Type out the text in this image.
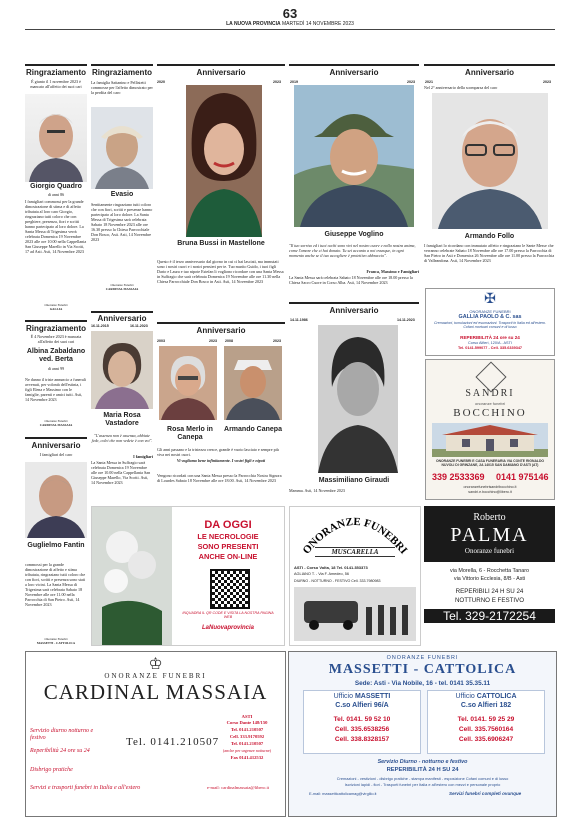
63
LA NUOVA PROVINCIA MARTEDÌ 14 NOVEMBRE 2023
Ringraziamento
È giunto il 1 novembre 2023 è mancato all'affetto dei suoi cari
Giorgio Quadro
di anni 86
I famigliari commossi per la grande dimostrazione di stima e di affetto tributata al loro caro Giorgio, ringraziano tutti coloro che con preghiere, presenza, fiori e scritti hanno partecipato al loro dolore. La Santa Messa di Trigesima verrà celebrata Domenica 19 Novembre 2023 alle ore 10.00 nella Cappellania San Giuseppe Marello in Via Scotti, 17 ad Asti. Asti, 14 Novembre 2023
Onoranze Funebri
GALLIA
Ringraziamento
È 4 Novembre 2023 è mancata all'affetto dei suoi cari
Albina Zabaldano ved. Berta
di anni 99
Ne danno il triste annuncio a funerali avvenuti, per volontà dell'estinta, i figli Elena e Massimo con le famiglie, parenti e amici tutti. Asti, 14 Novembre 2023
Onoranze Funebri
CARDINAL MASSAIA
Anniversario
I famigliari del caro
Guglielmo Fantin
commossi per la grande dimostrazione di affetto e stima tributata, ringraziano tutti coloro che con fiori, scritti e presenza sono stati a loro vicini. La Santa Messa di Trigesima sarà celebrata Sabato 18 Novembre alle ore 11.00 nella Parrocchia di San Pietro. Asti, 14 Novembre 2023
Onoranze Funebri
MASSETTI - CATTOLICA
Ringraziamento
La famiglia Sattanino e Pellistetti commosse per l'affetto dimostrato per la perdita del caro
Evasio
Sentitamente ringraziano tutti coloro che con fiori, scritti e presenze hanno partecipato al loro dolore. La Santa Messa di Trigesima sarà celebrata Sabato 18 Novembre 2023 alle ore 16.30 presso la Chiesa Parrocchiale Don Bosco, Asti. Asti, 14 Novembre 2023
Onoranze Funebri
CARDINAL MASSAIA
Anniversario
16.11.2015	16.11.2023
Maria Rosa Vastadore
"L'assenza non è assenza, abbiate fede, colei che non vedete è con voi".
I famigliari
La Santa Messa in Suffragio sarà celebrata Domenica 19 Novembre alle ore 10.00 nella Cappellania San Giuseppe Marello, Via Scotti. Asti, 14 Novembre 2023
Anniversario
2020	2023
Bruna Bussi in Mastellone
Questo è il terzo anniversario dal giorno in cui ci hai lasciati, ma immutati sono i nostri cuori e i nostri pensieri per te. Tuo marito Guido, i tuoi figli Dario e Laura e tuo nipote Estefan li vogliono ricordare con una Santa Messa in Suffragio che sarà celebrata Domenica 19 Novembre alle ore 11.30 nella Chiesa Parrocchiale Don Bosco in Asti. Asti, 14 Novembre 2023
Anniversario
2003	2023 2008	2023
Rosa Merlo in Canepa
Armando Canepa
Gli anni passano e la tristezza cresce, grande è vuoto lasciato e sempre più viva nei nostri cuori.
Vi vogliamo bene infinitamente. I vostri figli e nipoti
Vengono ricordati con una Santa Messa presso la Parrocchia Nostra Signora di Lourdes Sabato 18 Novembre alle ore 18.00. Asti, 14 Novembre 2023
Anniversario
2019	2023
Giuseppe Voglino
"Il tuo sorriso ed i tuoi occhi sono vivi nel nostro cuore e nella nostra anima, come l'amore che ci hai donato. Tu sei accanto a noi ovunque, in ogni momento anche se il tuo accogliere è protettivo abbraccio".
Franca, Massimo e Famigliari
La Santa Messa sarà celebrata Sabato 18 Novembre alle ore 18.00 presso la Chiesa Sacro Cuore in Corso Alba. Asti, 14 Novembre 2023
Anniversario
14.11.1986	14.11.2023
Massimiliano Giraudi
Mamma. Asti, 14 Novembre 2023
Anniversario
2021	2023
Nel 2° anniversario della scomparsa del caro
Armando Follo
I famigliari lo ricordano con immutato affetto e ringraziano le Sante Messe che verranno celebrate Sabato 18 Novembre alle ore 17.00 presso la Parrocchia di San Pietro in Asti e Domenica 26 Novembre alle ore 11.00 presso la Parrocchia di Valleandona. Asti, 14 Novembre 2023
✠
ONORANZE FUNEBRI
GALLIA PAOLO & C. sas
Cremazioni, tumulazioni ed esumazioni. Trasporti in Italia ed all'estero. Cofani mortuari comuni e di lusso
REPERIBILITÀ 24 ore su 24
Corso Alfieri, 120/A - ASTI
Tel. 0141.599077 - Cell. 335.6339347
SANDRI
onoranze funebri
BOCCHINO
ONORANZE FUNEBRI E CASA FUNERARIA VIA CONTE RIGNALDO NUVOLI DI GRINZANE, 2A 14015 SAN DAMIANO D'ASTI (AT)
339 2533369 0141 975146
onoranzefunebrisandribocchino.it
sandri.e.bocchino@libero.it
DA OGGI
LE NECROLOGIE
SONO PRESENTI
ANCHE ON-LINE
INQUADRA IL QR CODE E VISITA LA NOSTRA PAGINA WEB
LaNuovaprovincia
ONORANZE FUNEBRI
MUSCARELLA
ASTI - Corso Volta, 18 Tel. 0141.353373
AGLIANO T. - Via F. Amedeo, 56
DIURNO - NOTTURNO - FESTIVO Cell. 333.7980983
Roberto
PALMA
Onoranze funebri
via Morella, 6 - Rocchetta Tanaro
via Vittorio Ecclesia, 8/B - Asti
REPERIBILI 24 H SU 24
NOTTURNO E FESTIVO
Tel. 329-2172254
Email: palmasrl19@gmail.com
♔
ONORANZE FUNEBRI
CARDINAL MASSAIA
Servizio diurno notturno e festivo
Reperibilità 24 ore su 24
Disbrigo pratiche
Servizi e trasporti funebri in Italia e all'estero
Tel. 0141.210507
ASTI
Corso Dante 148/150
Tel. 0141.210507
Cell. 333.9170592
Tel. 0141.210507
(anche per urgenze notturne)
Fax 0141.412532
e-mail: cardinalmassaia@libero.it
ONORANZE FUNEBRI
MASSETTI - CATTOLICA
Sede: Asti - Via Nobile, 16 - tel. 0141 35.35.11
Ufficio MASSETTI
C.so Alfieri 96/A
Tel. 0141. 59 52 10
Cell. 335.6538256
Cell. 338.8328157
Ufficio CATTOLICA
C.so Alfieri 182
Tel. 0141. 59 25 29
Cell. 335.7560164
Cell. 335.6906247
Servizio Diurno - notturno e festivo
REPERIBILITÀ 24 H SU 24
Cremazioni - vestizioni - disbrigo pratiche - stampa manifesti - esposizione Cofani comuni e di lusso
Iscrizioni lapidi - fiori - Trasporti funebri per Italia e all'estero con mezzi e personale proprio
E-mail: massetticattolicamag@virgilio.it	Servizi funebri completi ovunque
